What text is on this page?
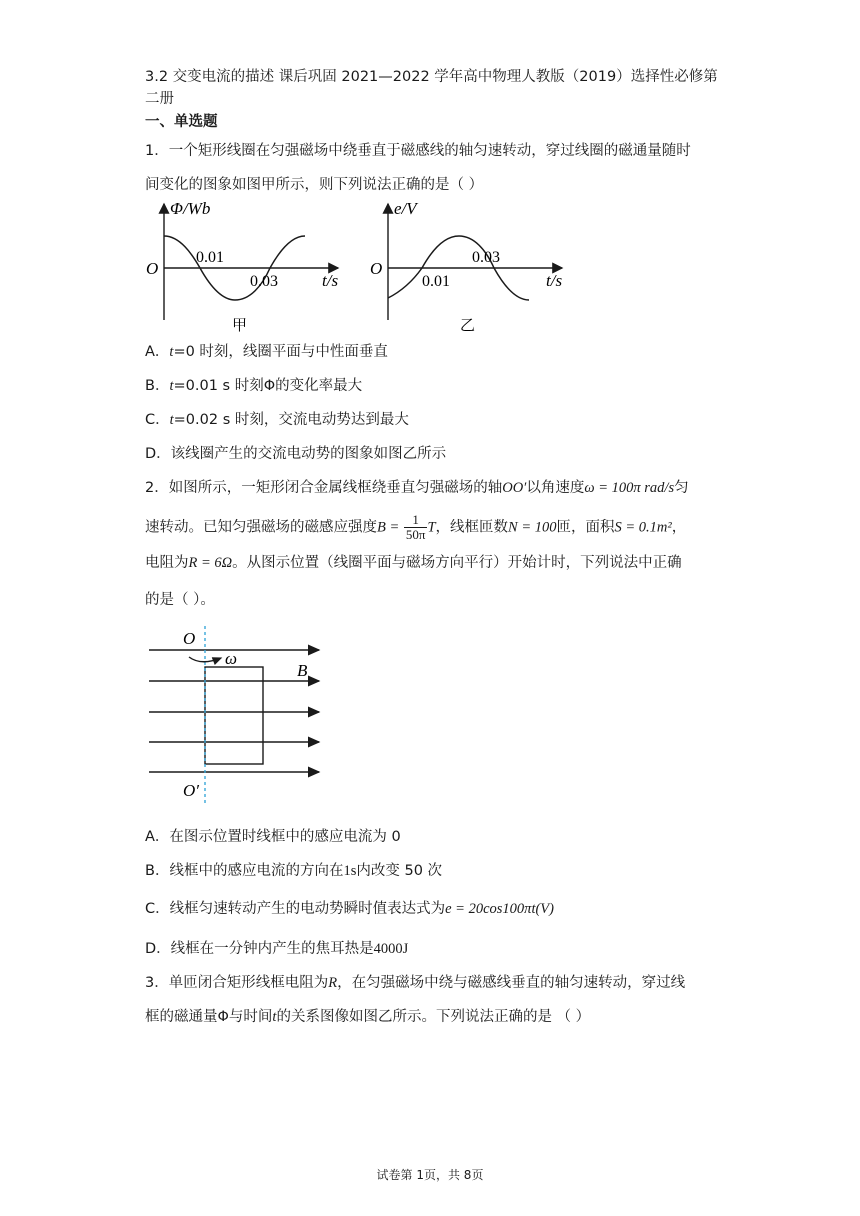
3.2 交变电流的描述 课后巩固 2021—2022 学年高中物理人教版（2019）选择性必修第
二册
一、单选题
1．一个矩形线圈在匀强磁场中绕垂直于磁感线的轴匀速转动，穿过线圈的磁通量随时
间变化的图象如图甲所示，则下列说法正确的是（ ）
Φ/Wb
O
0.01
0.03	t/s
甲
e/V
O
0.01
0.03
t/s
乙
A．t=0 时刻，线圈平面与中性面垂直
B．t=0.01 s 时刻Φ的变化率最大
C．t=0.02 s 时刻，交流电动势达到最大
D．该线圈产生的交流电动势的图象如图乙所示
2．如图所示，一矩形闭合金属线框绕垂直匀强磁场的轴OO′以角速度ω = 100π rad/s匀
速转动。已知匀强磁场的磁感应强度$B = \frac{1}{50\pi}$ T，线框匝数N = 100匝，面积S = 0.1m²，
电阻为R = 6Ω。从图示位置（线圈平面与磁场方向平行）开始计时，下列说法中正确
的是（ ）。
O
ω
B
O′
A．在图示位置时线框中的感应电流为 0
B．线框中的感应电流的方向在1s内改变 50 次
C．线框匀速转动产生的电动势瞬时值表达式为e = 20cos100πt(V)
D．线框在一分钟内产生的焦耳热是4000J
3．单匝闭合矩形线框电阻为R，在匀强磁场中绕与磁感线垂直的轴匀速转动，穿过线
框的磁通量Φ与时间t的关系图像如图乙所示。下列说法正确的是 （ ）
试卷第 1页，共 8页
